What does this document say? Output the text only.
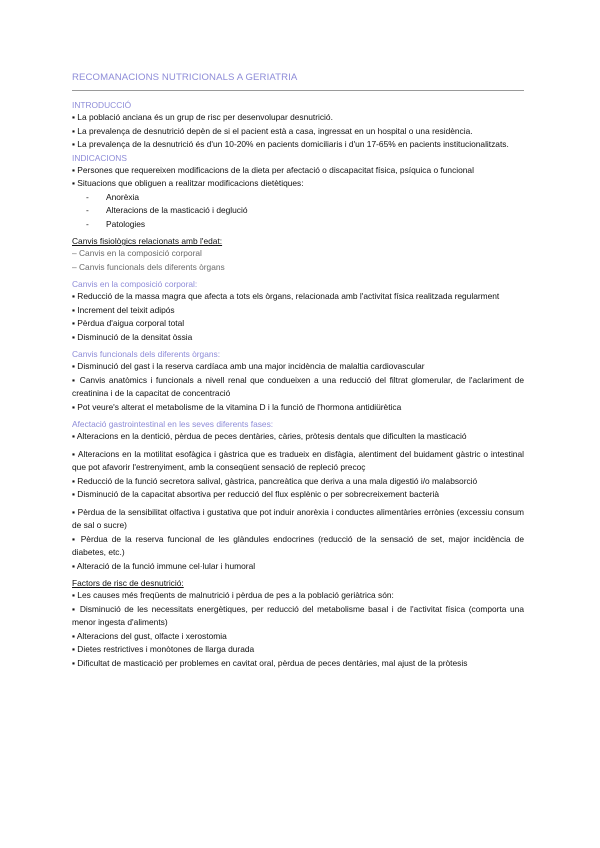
RECOMANACIONS NUTRICIONALS A GERIATRIA

INTRODUCCIÓ

▪ La població anciana és un grup de risc per desenvolupar desnutrició.

▪ La prevalença de desnutrició depèn de si el pacient està a casa, ingressat en un hospital o una residència.

▪ La prevalença de la desnutrició és d'un 10-20% en pacients domiciliaris i d'un 17-65% en pacients institucionalitzats.

INDICACIONS

▪ Persones que requereixen modificacions de la dieta per afectació o discapacitat física, psíquica o funcional

▪ Situacions que obliguen a realitzar modificacions dietètiques:

- Anorèxia

- Alteracions de la masticació i deglució

- Patologies

Canvis fisiològics relacionats amb l'edat:

– Canvis en la composició corporal

– Canvis funcionals dels diferents òrgans

Canvis en la composició corporal:

▪ Reducció de la massa magra que afecta a tots els òrgans, relacionada amb l'activitat física realitzada regularment

▪ Increment del teixit adipós

▪ Pèrdua d'aigua corporal total

▪ Disminució de la densitat òssia

Canvis funcionals dels diferents òrgans:

▪ Disminució del gast i la reserva cardíaca amb una major incidència de malaltia cardiovascular

▪ Canvis anatòmics i funcionals a nivell renal que condueixen a una reducció del filtrat glomerular, de l'aclariment de creatinina i de la capacitat de concentració

▪ Pot veure's alterat el metabolisme de la vitamina D i la funció de l'hormona antidiürètica

Afectació gastrointestinal en les seves diferents fases:

▪ Alteracions en la dentició, pèrdua de peces dentàries, càries, pròtesis dentals que dificulten la masticació

▪ Alteracions en la motilitat esofàgica i gàstrica que es tradueix en disfàgia, alentiment del buidament gàstric o intestinal que pot afavorir l'estrenyiment, amb la conseqüent sensació de repleció precoç

▪ Reducció de la funció secretora salival, gàstrica, pancreàtica que deriva a una mala digestió i/o malabsorció

▪ Disminució de la capacitat absortiva per reducció del flux esplènic o per sobrecreixement bacterià

▪ Pèrdua de la sensibilitat olfactiva i gustativa que pot induir anorèxia i conductes alimentàries errònies (excessiu consum de sal o sucre)

▪ Pèrdua de la reserva funcional de les glàndules endocrines (reducció de la sensació de set, major incidència de diabetes, etc.)

▪ Alteració de la funció immune cel·lular i humoral

Factors de risc de desnutrició:

▪ Les causes més freqüents de malnutrició i pèrdua de pes a la població geriàtrica són:

▪ Disminució de les necessitats energètiques, per reducció del metabolisme basal i de l'activitat física (comporta una menor ingesta d'aliments)

▪ Alteracions del gust, olfacte i xerostomia

▪ Dietes restrictives i monòtones de llarga durada

▪ Dificultat de masticació per problemes en cavitat oral, pèrdua de peces dentàries, mal ajust de la pròtesis
